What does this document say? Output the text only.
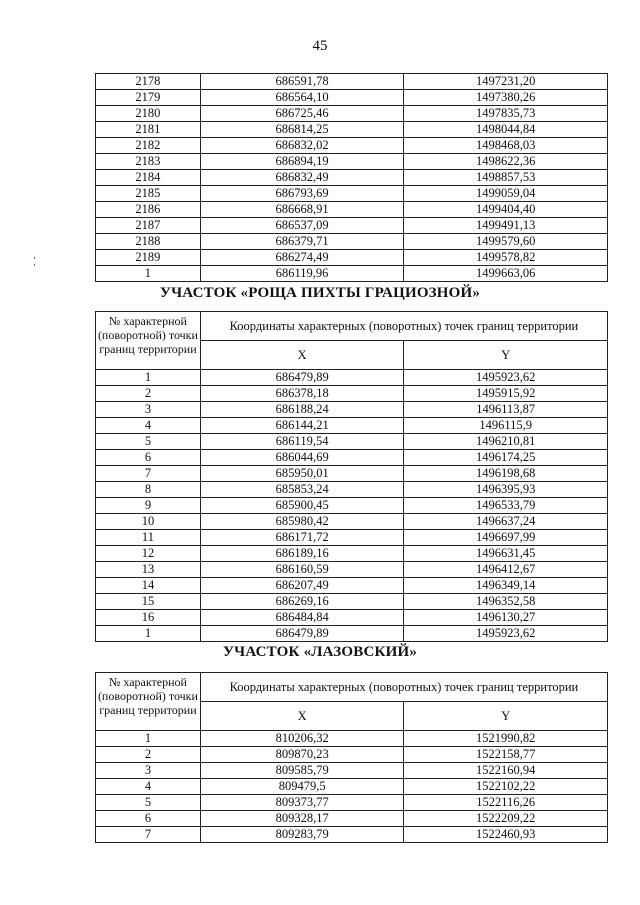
45
2178	686591,78	1497231,20
2179	686564,10	1497380,26
2180	686725,46	1497835,73
2181	686814,25	1498044,84
2182	686832,02	1498468,03
2183	686894,19	1498622,36
2184	686832,49	1498857,53
2185	686793,69	1499059,04
2186	686668,91	1499404,40
2187	686537,09	1499491,13
2188	686379,71	1499579,60
2189	686274,49	1499578,82
1	686119,96	1499663,06
УЧАСТОК «РОЩА ПИХТЫ ГРАЦИОЗНОЙ»
№ характерной (поворотной) точки границ территории	Координаты характерных (поворотных) точек границ территории	
	X	Y
1	686479,89	1495923,62
2	686378,18	1495915,92
3	686188,24	1496113,87
4	686144,21	1496115,9
5	686119,54	1496210,81
6	686044,69	1496174,25
7	685950,01	1496198,68
8	685853,24	1496395,93
9	685900,45	1496533,79
10	685980,42	1496637,24
11	686171,72	1496697,99
12	686189,16	1496631,45
13	686160,59	1496412,67
14	686207,49	1496349,14
15	686269,16	1496352,58
16	686484,84	1496130,27
1	686479,89	1495923,62
УЧАСТОК «ЛАЗОВСКИЙ»
№ характерной (поворотной) точки границ территории	Координаты характерных (поворотных) точек границ территории	
	X	Y
1	810206,32	1521990,82
2	809870,23	1522158,77
3	809585,79	1522160,94
4	809479,5	1522102,22
5	809373,77	1522116,26
6	809328,17	1522209,22
7	809283,79	1522460,93
